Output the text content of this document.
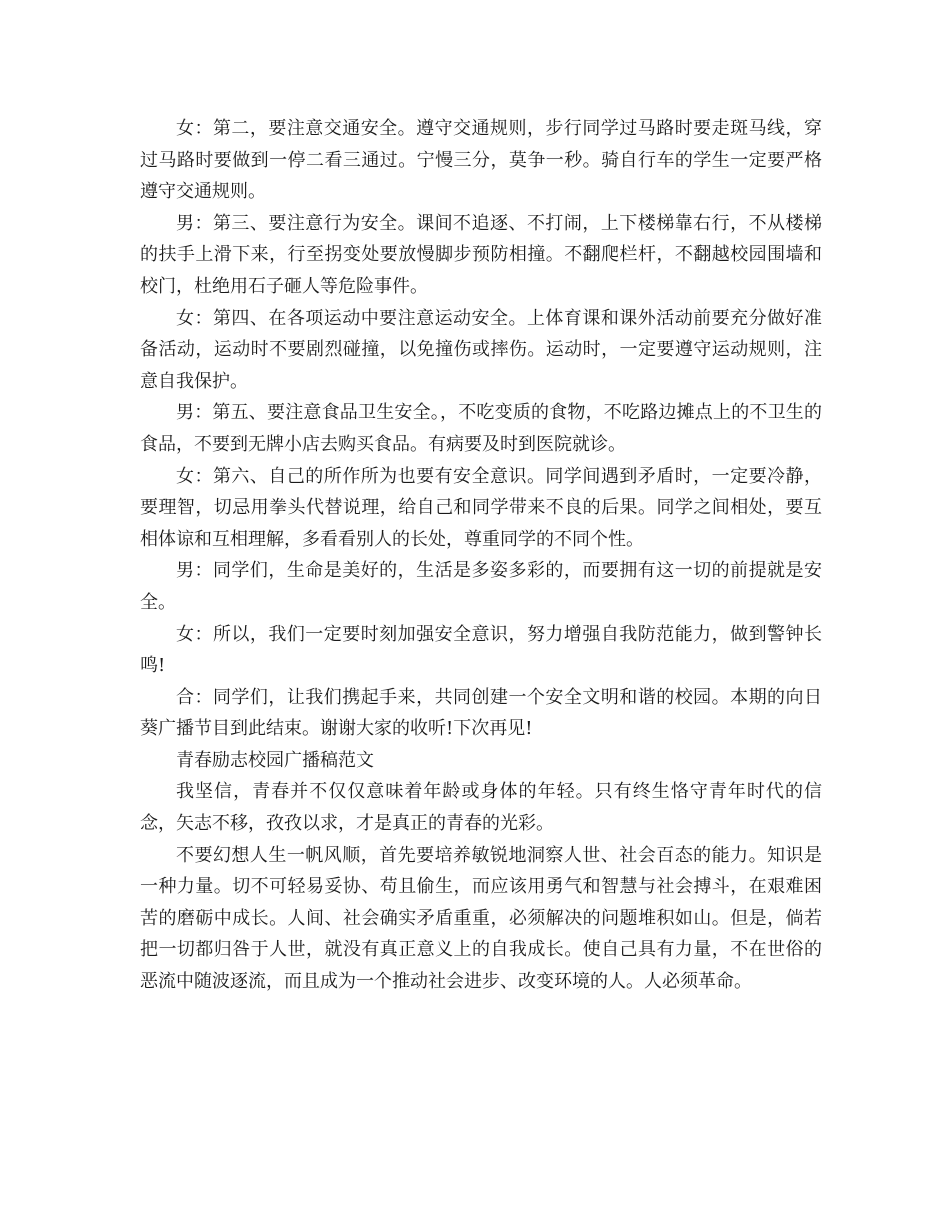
女：第二，要注意交通安全。遵守交通规则，步行同学过马路时要走斑马线，穿过马路时要做到一停二看三通过。宁慢三分，莫争一秒。骑自行车的学生一定要严格遵守交通规则。

男：第三、要注意行为安全。课间不追逐、不打闹，上下楼梯靠右行，不从楼梯的扶手上滑下来，行至拐变处要放慢脚步预防相撞。不翻爬栏杆，不翻越校园围墙和校门，杜绝用石子砸人等危险事件。

女：第四、在各项运动中要注意运动安全。上体育课和课外活动前要充分做好准备活动，运动时不要剧烈碰撞，以免撞伤或摔伤。运动时，一定要遵守运动规则，注意自我保护。

男：第五、要注意食品卫生安全。，不吃变质的食物，不吃路边摊点上的不卫生的食品，不要到无牌小店去购买食品。有病要及时到医院就诊。

女：第六、自己的所作所为也要有安全意识。同学间遇到矛盾时，一定要冷静，要理智，切忌用拳头代替说理，给自己和同学带来不良的后果。同学之间相处，要互相体谅和互相理解，多看看别人的长处，尊重同学的不同个性。

男：同学们，生命是美好的，生活是多姿多彩的，而要拥有这一切的前提就是安全。

女：所以，我们一定要时刻加强安全意识，努力增强自我防范能力，做到警钟长鸣!

合：同学们，让我们携起手来，共同创建一个安全文明和谐的校园。本期的向日葵广播节目到此结束。谢谢大家的收听!下次再见!

青春励志校园广播稿范文

我坚信，青春并不仅仅意味着年龄或身体的年轻。只有终生恪守青年时代的信念，矢志不移，孜孜以求，才是真正的青春的光彩。

不要幻想人生一帆风顺，首先要培养敏锐地洞察人世、社会百态的能力。知识是一种力量。切不可轻易妥协、苟且偷生，而应该用勇气和智慧与社会搏斗，在艰难困苦的磨砺中成长。人间、社会确实矛盾重重，必须解决的问题堆积如山。但是，倘若把一切都归咎于人世，就没有真正意义上的自我成长。使自己具有力量，不在世俗的恶流中随波逐流，而且成为一个推动社会进步、改变环境的人。人必须革命。
